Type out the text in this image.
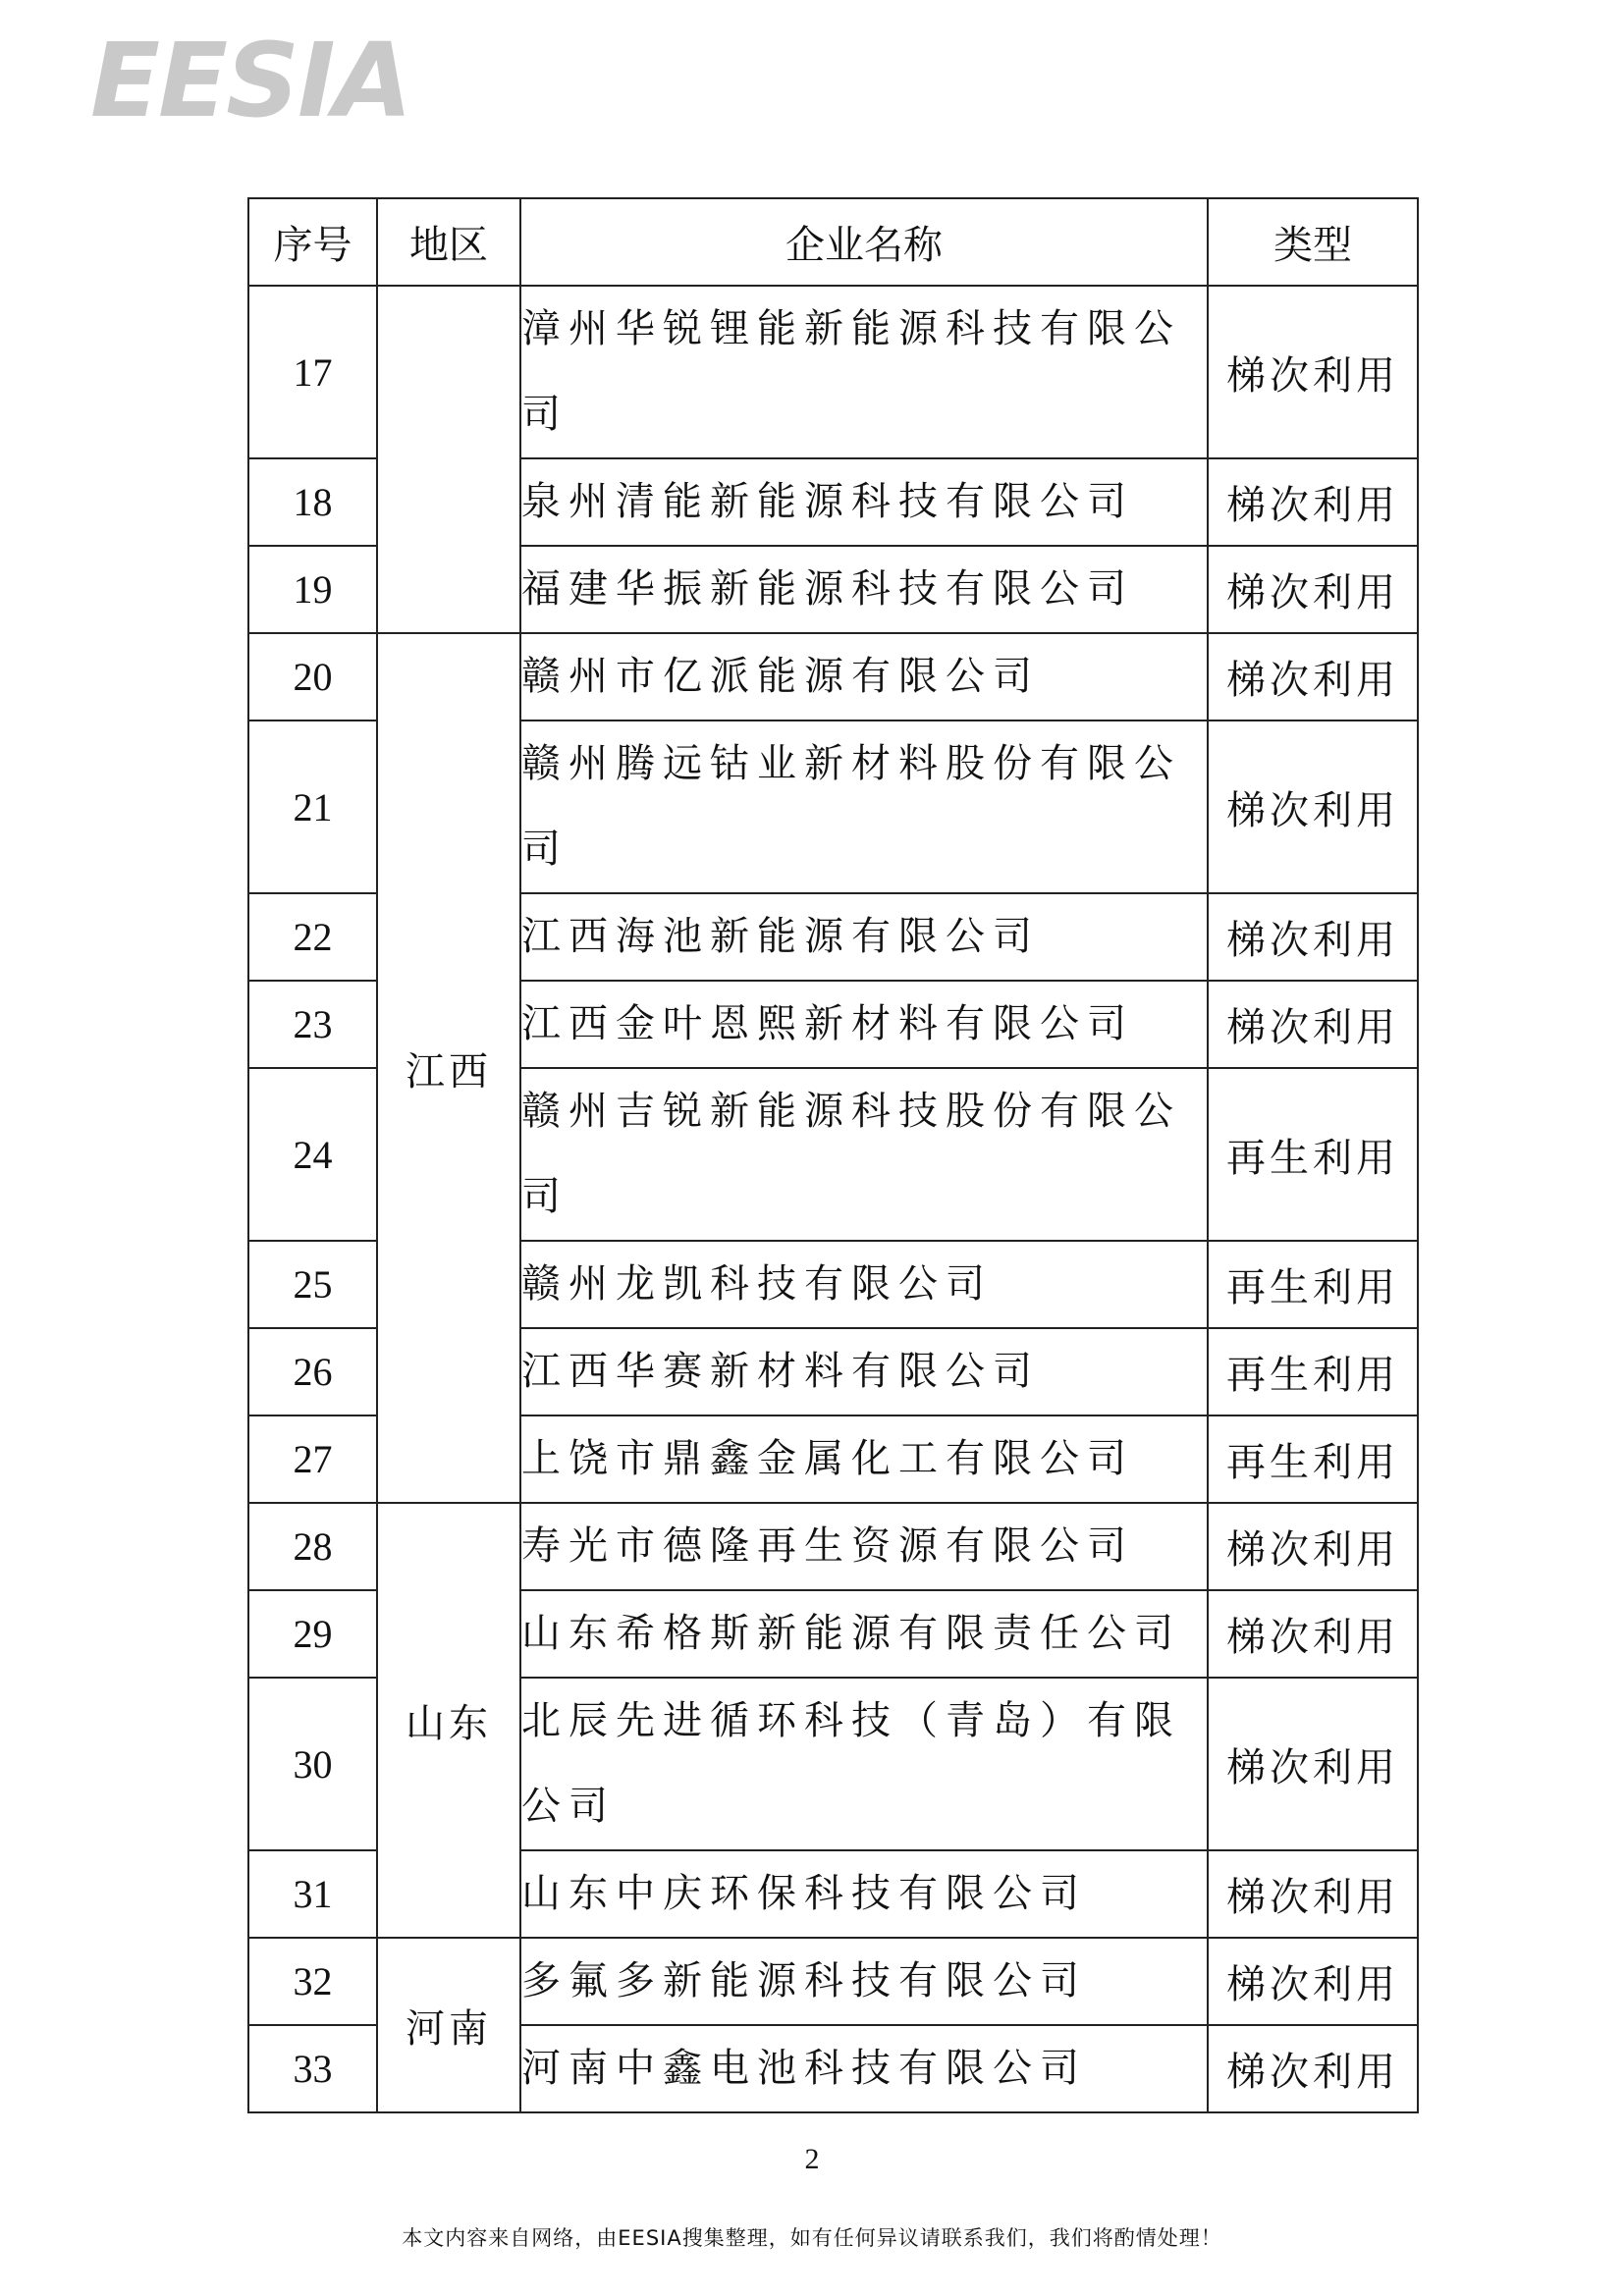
EESIA
序号	地区	企业名称	类型
17		漳州华锐锂能新能源科技有限公司	梯次利用
18		泉州清能新能源科技有限公司	梯次利用
19		福建华振新能源科技有限公司	梯次利用
20	江西	赣州市亿派能源有限公司	梯次利用
21		赣州腾远钴业新材料股份有限公司	梯次利用
22		江西海池新能源有限公司	梯次利用
23		江西金叶恩熙新材料有限公司	梯次利用
24		赣州吉锐新能源科技股份有限公司	再生利用
25		赣州龙凯科技有限公司	再生利用
26		江西华赛新材料有限公司	再生利用
27		上饶市鼎鑫金属化工有限公司	再生利用
28	山东	寿光市德隆再生资源有限公司	梯次利用
29		山东希格斯新能源有限责任公司	梯次利用
30		北辰先进循环科技（青岛）有限公司	梯次利用
31		山东中庆环保科技有限公司	梯次利用
32	河南	多氟多新能源科技有限公司	梯次利用
33		河南中鑫电池科技有限公司	梯次利用
2
本文内容来自网络，由EESIA搜集整理，如有任何异议请联系我们，我们将酌情处理！
